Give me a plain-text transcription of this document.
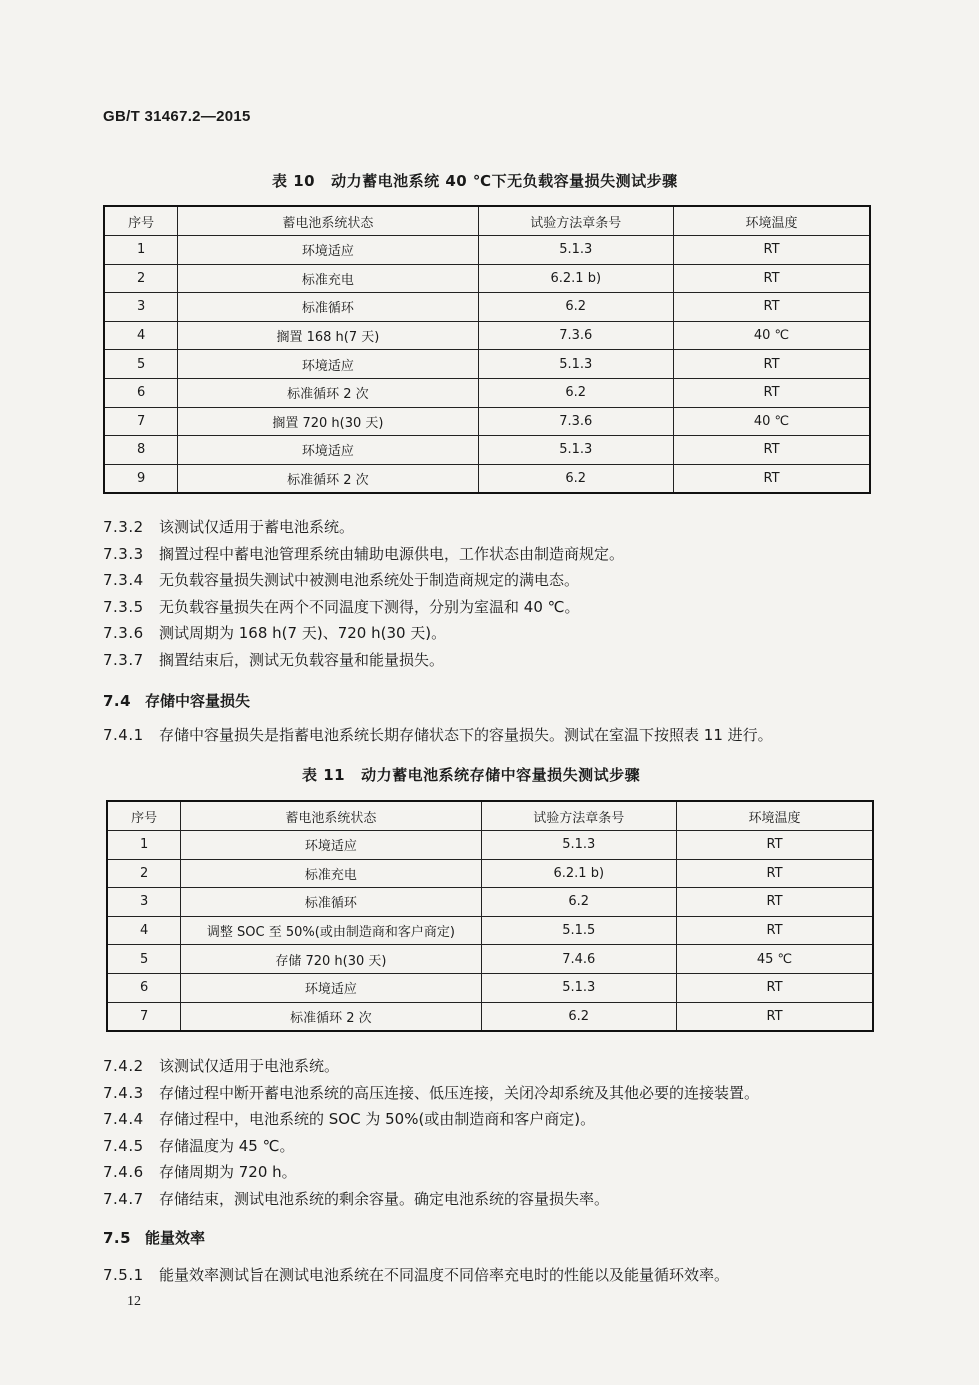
GB/T 31467.2—2015
表 10 动力蓄电池系统 40 ℃下无负载容量损失测试步骤
序号	蓄电池系统状态	试验方法章条号	环境温度
1	环境适应	5.1.3	RT
2	标准充电	6.2.1 b)	RT
3	标准循环	6.2	RT
4	搁置 168 h(7 天)	7.3.6	40 ℃
5	环境适应	5.1.3	RT
6	标准循环 2 次	6.2	RT
7	搁置 720 h(30 天)	7.3.6	40 ℃
8	环境适应	5.1.3	RT
9	标准循环 2 次	6.2	RT
7.3.2 该测试仅适用于蓄电池系统。
7.3.3 搁置过程中蓄电池管理系统由辅助电源供电，工作状态由制造商规定。
7.3.4 无负载容量损失测试中被测电池系统处于制造商规定的满电态。
7.3.5 无负载容量损失在两个不同温度下测得，分别为室温和 40 ℃。
7.3.6 测试周期为 168 h(7 天)、720 h(30 天)。
7.3.7 搁置结束后，测试无负载容量和能量损失。
7.4 存储中容量损失
7.4.1 存储中容量损失是指蓄电池系统长期存储状态下的容量损失。测试在室温下按照表 11 进行。
表 11 动力蓄电池系统存储中容量损失测试步骤
序号	蓄电池系统状态	试验方法章条号	环境温度
1	环境适应	5.1.3	RT
2	标准充电	6.2.1 b)	RT
3	标准循环	6.2	RT
4	调整 SOC 至 50%(或由制造商和客户商定)	5.1.5	RT
5	存储 720 h(30 天)	7.4.6	45 ℃
6	环境适应	5.1.3	RT
7	标准循环 2 次	6.2	RT
7.4.2 该测试仅适用于电池系统。
7.4.3 存储过程中断开蓄电池系统的高压连接、低压连接，关闭冷却系统及其他必要的连接装置。
7.4.4 存储过程中，电池系统的 SOC 为 50%(或由制造商和客户商定)。
7.4.5 存储温度为 45 ℃。
7.4.6 存储周期为 720 h。
7.4.7 存储结束，测试电池系统的剩余容量。确定电池系统的容量损失率。
7.5 能量效率
7.5.1 能量效率测试旨在测试电池系统在不同温度不同倍率充电时的性能以及能量循环效率。
12
